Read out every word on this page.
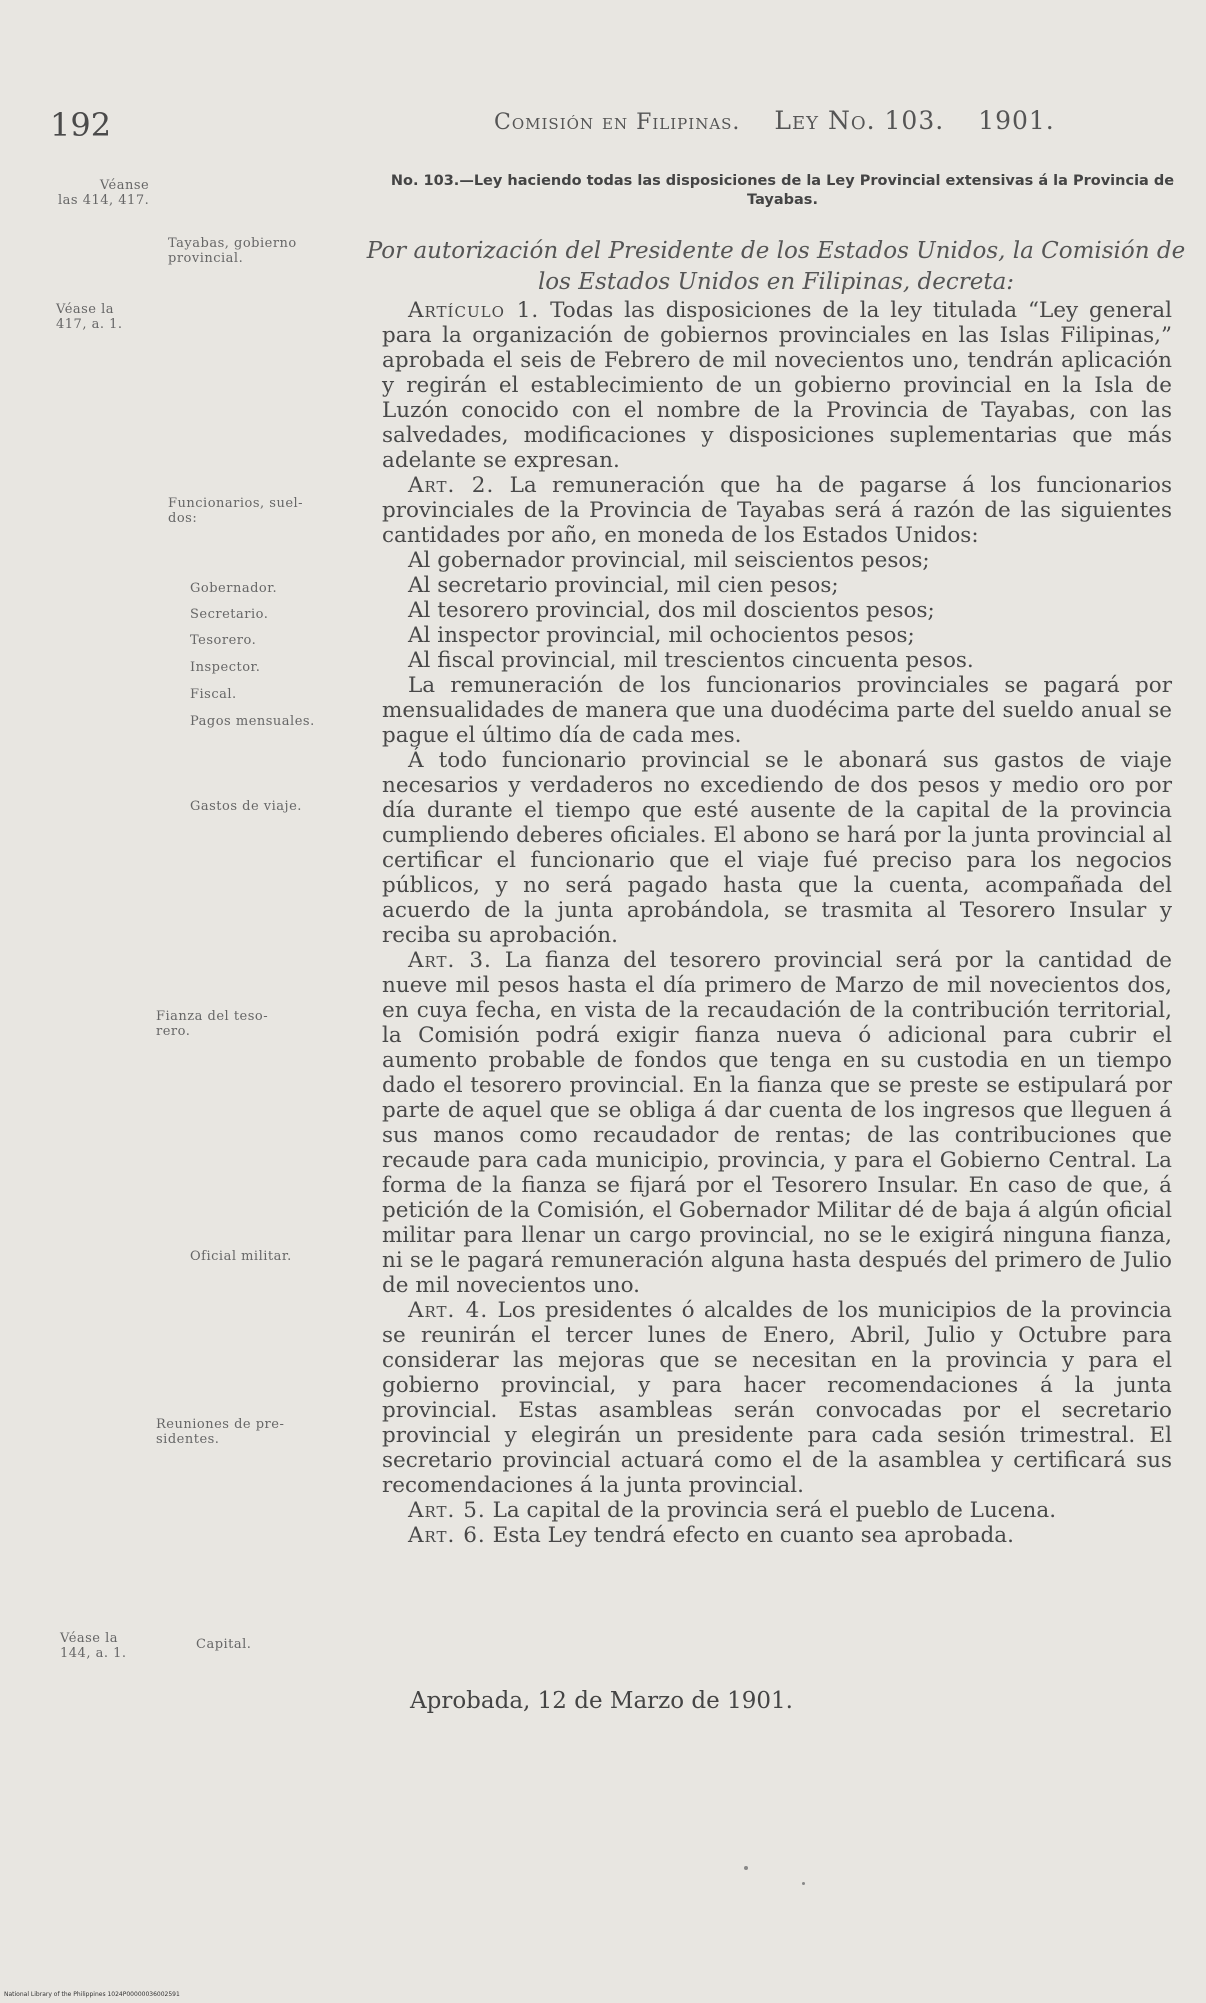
192	Comisión en Filipinas. Ley No. 103. 1901.
Véanse
las 414, 417.
Tayabas, gobierno
provincial.
Véase la
417, a. 1.
Funcionarios, suel-
dos:
Gobernador.
Secretario.
Tesorero.
Inspector.
Fiscal.
Pagos mensuales.
Gastos de viaje.
Fianza del teso-
rero.
Oficial militar.
Reuniones de pre-
sidentes.
Véase la
144, a. 1.
Capital.
No. 103.—Ley haciendo todas las disposiciones de la Ley Provincial extensivas á la Provincia de Tayabas.
Por autorización del Presidente de los Estados Unidos, la Comisión de los Estados Unidos en Filipinas, decreta:

Artículo 1. Todas las disposiciones de la ley titulada “Ley general para la organización de gobiernos provinciales en las Islas Filipinas,” aprobada el seis de Febrero de mil novecientos uno, tendrán aplicación y regirán el establecimiento de un gobierno provincial en la Isla de Luzón conocido con el nombre de la Provincia de Tayabas, con las salvedades, modificaciones y disposiciones suplementarias que más adelante se expresan.

Art. 2. La remuneración que ha de pagarse á los funcionarios provinciales de la Provincia de Tayabas será á razón de las siguientes cantidades por año, en moneda de los Estados Unidos:

Al gobernador provincial, mil seiscientos pesos;
Al secretario provincial, mil cien pesos;
Al tesorero provincial, dos mil doscientos pesos;
Al inspector provincial, mil ochocientos pesos;
Al fiscal provincial, mil trescientos cincuenta pesos.

La remuneración de los funcionarios provinciales se pagará por mensualidades de manera que una duodécima parte del sueldo anual se pague el último día de cada mes.

Á todo funcionario provincial se le abonará sus gastos de viaje necesarios y verdaderos no excediendo de dos pesos y medio oro por día durante el tiempo que esté ausente de la capital de la provincia cumpliendo deberes oficiales. El abono se hará por la junta provincial al certificar el funcionario que el viaje fué preciso para los negocios públicos, y no será pagado hasta que la cuenta, acompañada del acuerdo de la junta aprobándola, se trasmita al Tesorero Insular y reciba su aprobación.

Art. 3. La fianza del tesorero provincial será por la cantidad de nueve mil pesos hasta el día primero de Marzo de mil novecientos dos, en cuya fecha, en vista de la recaudación de la contribución territorial, la Comisión podrá exigir fianza nueva ó adicional para cubrir el aumento probable de fondos que tenga en su custodia en un tiempo dado el tesorero provincial. En la fianza que se preste se estipulará por parte de aquel que se obliga á dar cuenta de los ingresos que lleguen á sus manos como recaudador de rentas; de las contribuciones que recaude para cada municipio, provincia, y para el Gobierno Central. La forma de la fianza se fijará por el Tesorero Insular. En caso de que, á petición de la Comisión, el Gobernador Militar dé de baja á algún oficial militar para llenar un cargo provincial, no se le exigirá ninguna fianza, ni se le pagará remuneración alguna hasta después del primero de Julio de mil novecientos uno.

Art. 4. Los presidentes ó alcaldes de los municipios de la provincia se reunirán el tercer lunes de Enero, Abril, Julio y Octubre para considerar las mejoras que se necesitan en la provincia y para el gobierno provincial, y para hacer recomendaciones á la junta provincial. Estas asambleas serán convocadas por el secretario provincial y elegirán un presidente para cada sesión trimestral. El secretario provincial actuará como el de la asamblea y certificará sus recomendaciones á la junta provincial.

Art. 5. La capital de la provincia será el pueblo de Lucena.

Art. 6. Esta Ley tendrá efecto en cuanto sea aprobada.

Aprobada, 12 de Marzo de 1901.
National Library of the Philippines 1024P00000036002591
